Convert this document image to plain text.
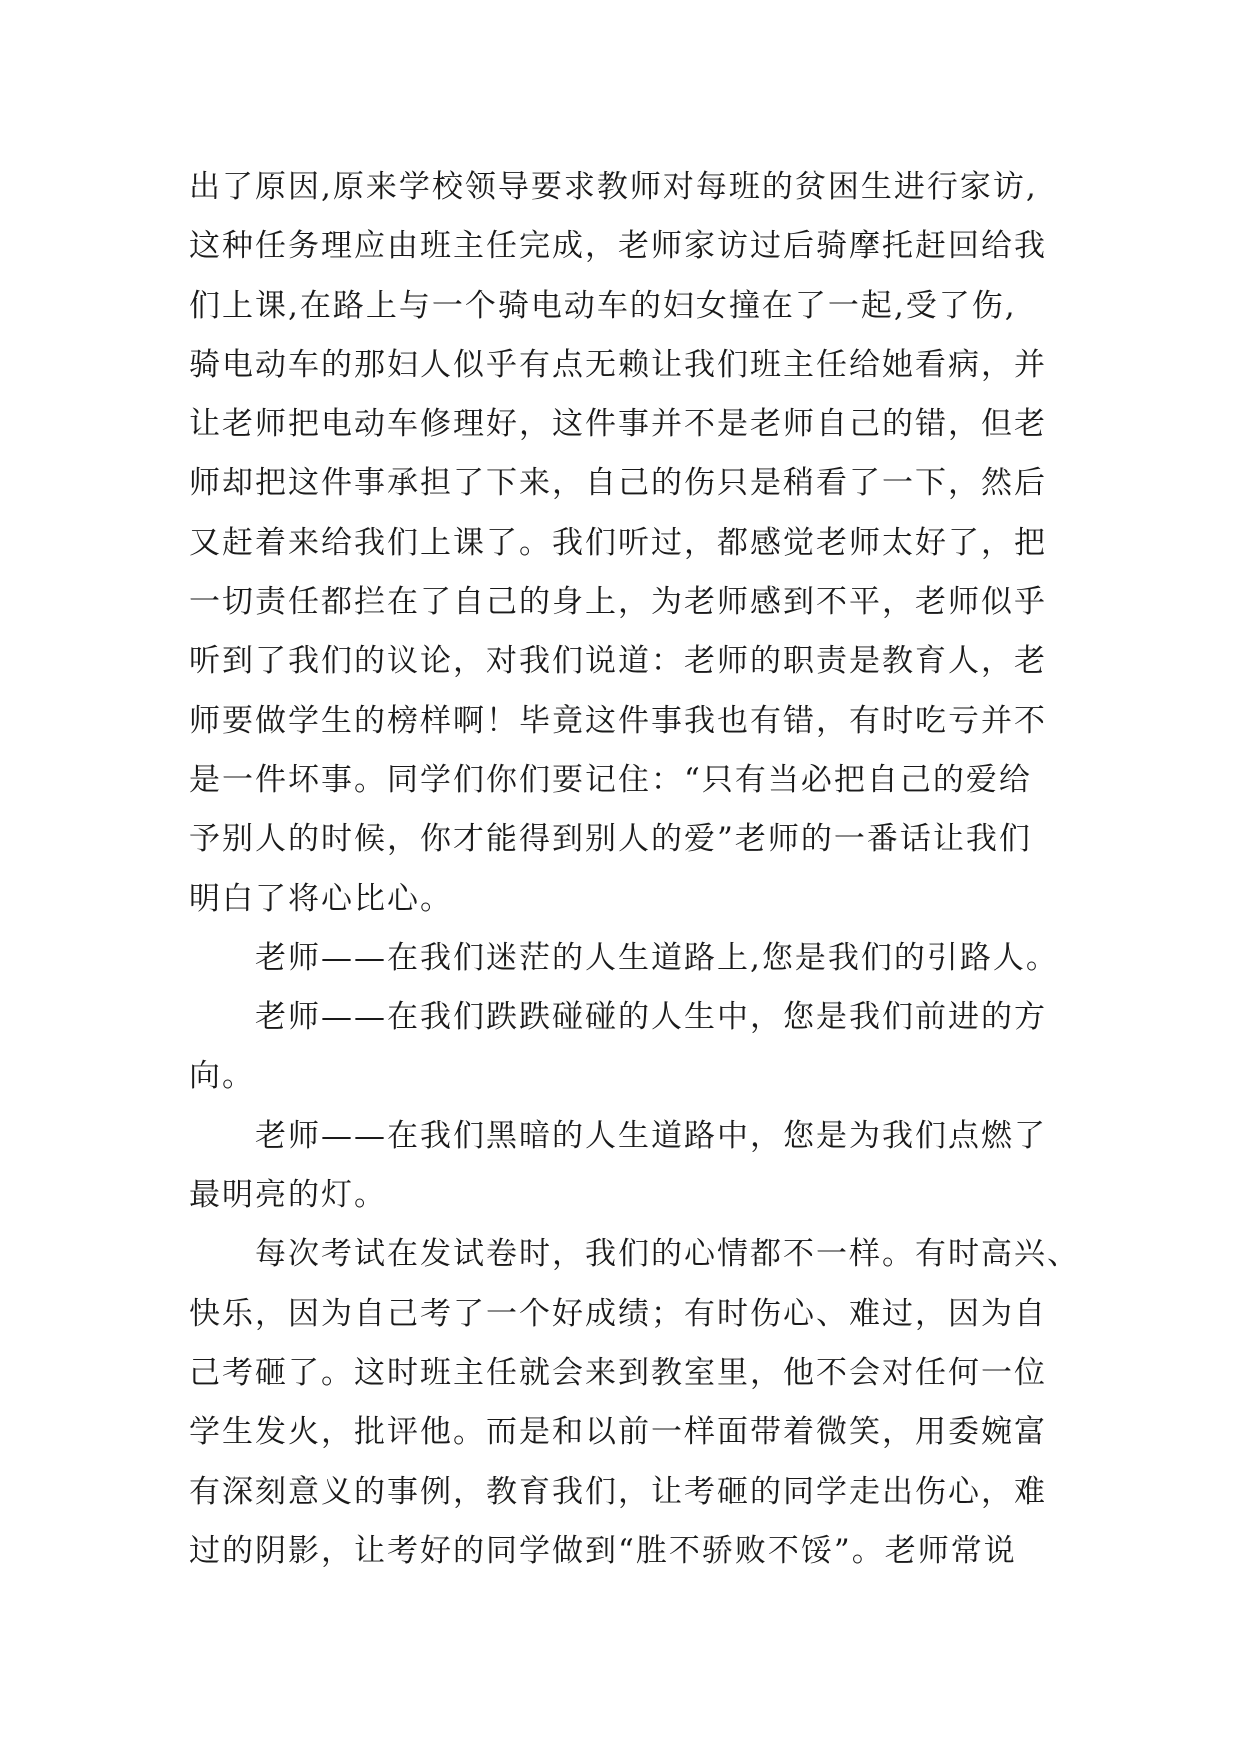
出了原因,原来学校领导要求教师对每班的贫困生进行家访,
这种任务理应由班主任完成，老师家访过后骑摩托赶回给我
们上课,在路上与一个骑电动车的妇女撞在了一起,受了伤,
骑电动车的那妇人似乎有点无赖让我们班主任给她看病，并
让老师把电动车修理好，这件事并不是老师自己的错，但老
师却把这件事承担了下来，自己的伤只是稍看了一下，然后
又赶着来给我们上课了。我们听过，都感觉老师太好了，把
一切责任都拦在了自己的身上，为老师感到不平，老师似乎
听到了我们的议论，对我们说道：老师的职责是教育人，老
师要做学生的榜样啊！毕竟这件事我也有错，有时吃亏并不
是一件坏事。同学们你们要记住：“只有当必把自己的爱给
予别人的时候，你才能得到别人的爱”老师的一番话让我们
明白了将心比心。
老师——在我们迷茫的人生道路上,您是我们的引路人。
老师——在我们跌跌碰碰的人生中，您是我们前进的方
向。
老师——在我们黑暗的人生道路中，您是为我们点燃了
最明亮的灯。
每次考试在发试卷时，我们的心情都不一样。有时高兴、
快乐，因为自己考了一个好成绩；有时伤心、难过，因为自
己考砸了。这时班主任就会来到教室里，他不会对任何一位
学生发火，批评他。而是和以前一样面带着微笑，用委婉富
有深刻意义的事例，教育我们，让考砸的同学走出伤心，难
过的阴影，让考好的同学做到“胜不骄败不馁”。老师常说
